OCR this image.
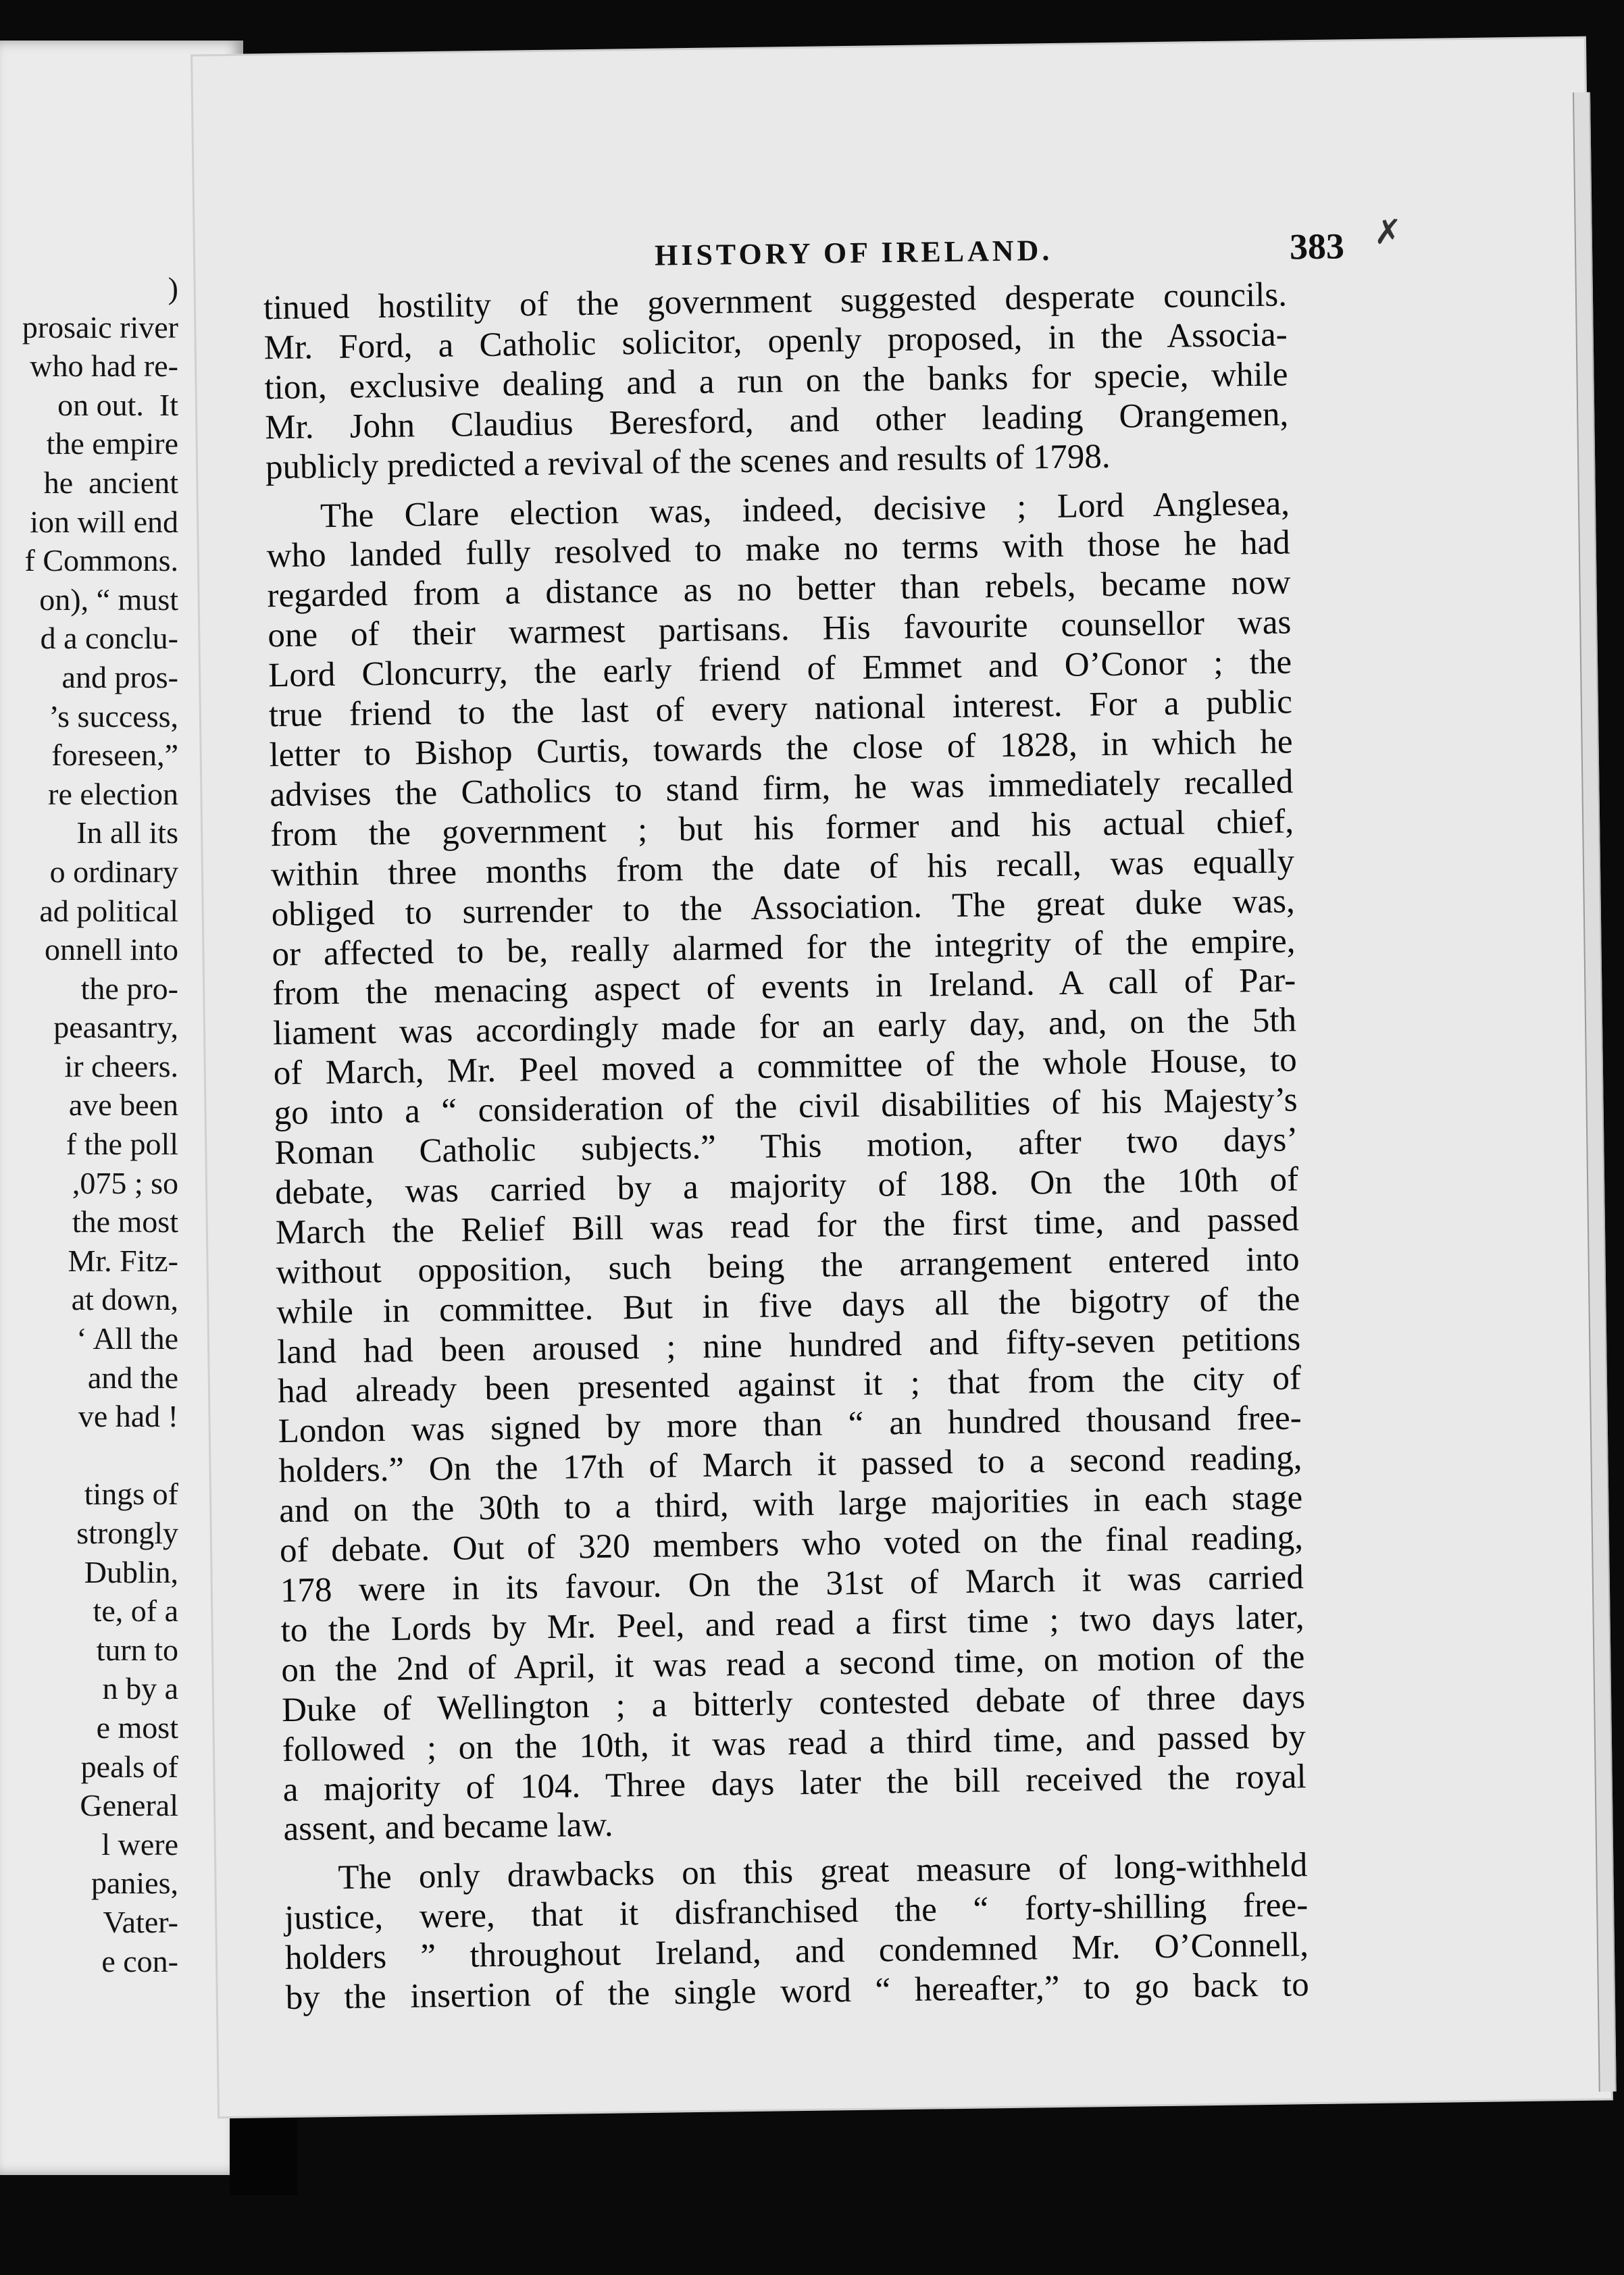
)
prosaic river
who had re-
on out.  It
the empire
he  ancient
ion will end
f Commons.
on), “ must
d a conclu-
and pros-
’s success,
foreseen,”
re election
In all its
o ordinary
ad political
onnell into
the pro-
peasantry,
ir cheers.
ave been
f the poll
,075 ; so
the most
Mr. Fitz-
at down,
‘ All the
and the
ve had !

tings of
strongly
Dublin,
te, of a
turn to
n by a
e most
peals of
General
l were
panies,
Vater-
e con-
HISTORY OF IRELAND.	383 ✗
tinued hostility of the government suggested desperate councils.
Mr. Ford, a Catholic solicitor, openly proposed, in the Associa-
tion, exclusive dealing and a run on the banks for specie, while
Mr. John Claudius Beresford, and other leading Orangemen,
publicly predicted a revival of the scenes and results of 1798.
The Clare election was, indeed, decisive ; Lord Anglesea,
who landed fully resolved to make no terms with those he had
regarded from a distance as no better than rebels, became now
one of their warmest partisans. His favourite counsellor was
Lord Cloncurry, the early friend of Emmet and O’Conor ; the
true friend to the last of every national interest. For a public
letter to Bishop Curtis, towards the close of 1828, in which he
advises the Catholics to stand firm, he was immediately recalled
from the government ; but his former and his actual chief,
within three months from the date of his recall, was equally
obliged to surrender to the Association. The great duke was,
or affected to be, really alarmed for the integrity of the empire,
from the menacing aspect of events in Ireland. A call of Par-
liament was accordingly made for an early day, and, on the 5th
of March, Mr. Peel moved a committee of the whole House, to
go into a “ consideration of the civil disabilities of his Majesty’s
Roman Catholic subjects.” This motion, after two days’
debate, was carried by a majority of 188. On the 10th of
March the Relief Bill was read for the first time, and passed
without opposition, such being the arrangement entered into
while in committee. But in five days all the bigotry of the
land had been aroused ; nine hundred and fifty-seven petitions
had already been presented against it ; that from the city of
London was signed by more than “ an hundred thousand free-
holders.” On the 17th of March it passed to a second reading,
and on the 30th to a third, with large majorities in each stage
of debate. Out of 320 members who voted on the final reading,
178 were in its favour. On the 31st of March it was carried
to the Lords by Mr. Peel, and read a first time ; two days later,
on the 2nd of April, it was read a second time, on motion of the
Duke of Wellington ; a bitterly contested debate of three days
followed ; on the 10th, it was read a third time, and passed by
a majority of 104. Three days later the bill received the royal
assent, and became law.
The only drawbacks on this great measure of long-withheld
justice, were, that it disfranchised the “ forty-shilling free-
holders ” throughout Ireland, and condemned Mr. O’Connell,
by the insertion of the single word “ hereafter,” to go back to
